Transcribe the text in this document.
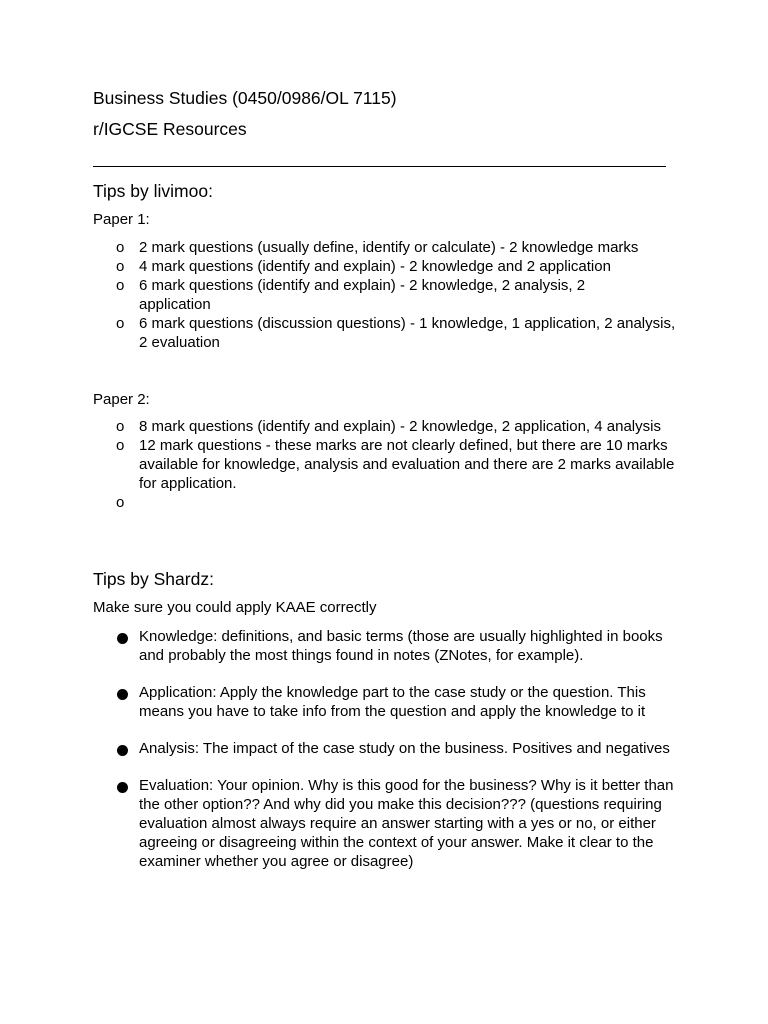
Business Studies (0450/0986/OL 7115)
r/IGCSE Resources
Tips by livimoo:
Paper 1:
o 2 mark questions (usually define, identify or calculate) - 2 knowledge marks
o 4 mark questions (identify and explain) - 2 knowledge and 2 application
o 6 mark questions (identify and explain) - 2 knowledge, 2 analysis, 2 application
o 6 mark questions (discussion questions) - 1 knowledge, 1 application, 2 analysis, 2 evaluation
Paper 2:
o 8 mark questions (identify and explain) - 2 knowledge, 2 application, 4 analysis
o 12 mark questions - these marks are not clearly defined, but there are 10 marks available for knowledge, analysis and evaluation and there are 2 marks available for application.
o
Tips by Shardz:
Make sure you could apply KAAE correctly
Knowledge: definitions, and basic terms (those are usually highlighted in books and probably the most things found in notes (ZNotes, for example).
Application: Apply the knowledge part to the case study or the question. This means you have to take info from the question and apply the knowledge to it
Analysis: The impact of the case study on the business. Positives and negatives
Evaluation: Your opinion. Why is this good for the business? Why is it better than the other option?? And why did you make this decision??? (questions requiring evaluation almost always require an answer starting with a yes or no, or either agreeing or disagreeing within the context of your answer. Make it clear to the examiner whether you agree or disagree)
